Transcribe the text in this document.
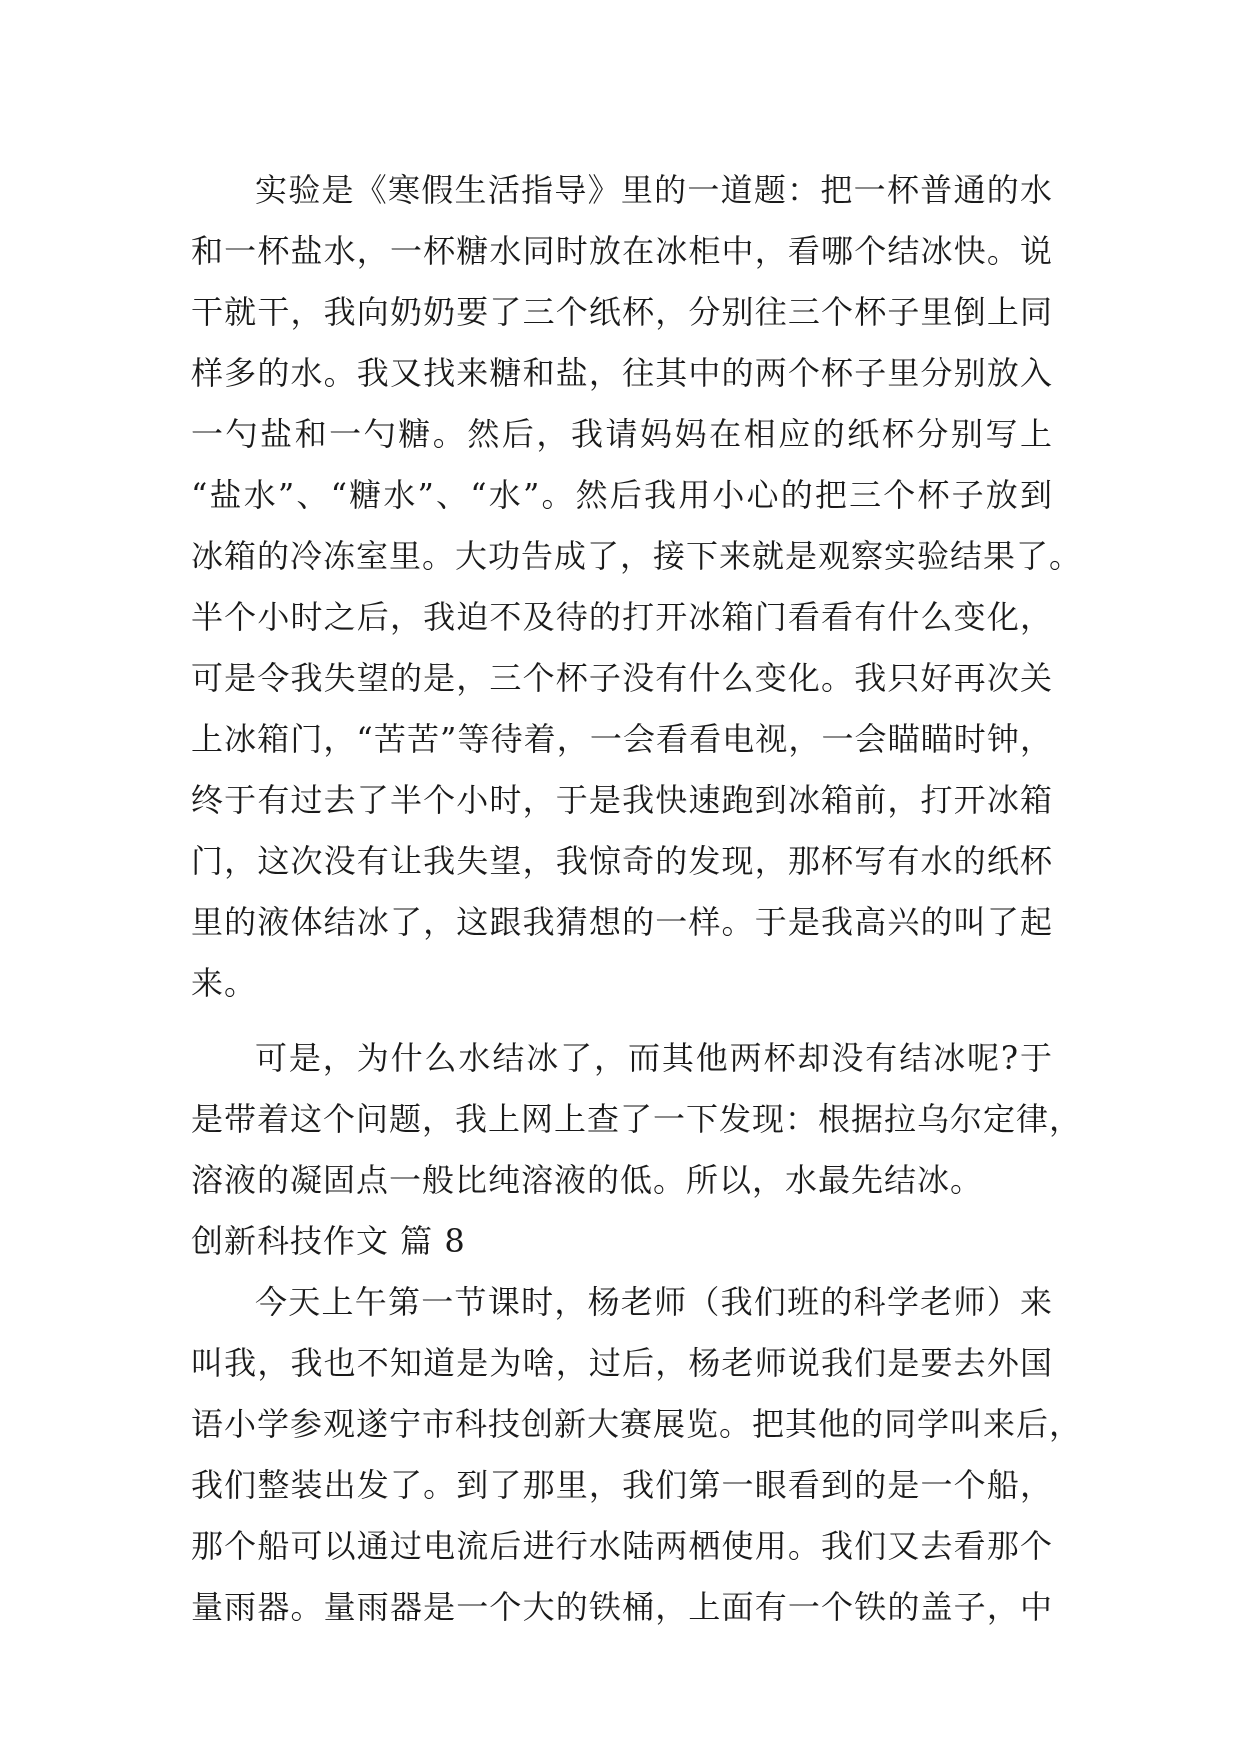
实验是《寒假生活指导》里的一道题：把一杯普通的水
和一杯盐水，一杯糖水同时放在冰柜中，看哪个结冰快。说
干就干，我向奶奶要了三个纸杯，分别往三个杯子里倒上同
样多的水。我又找来糖和盐，往其中的两个杯子里分别放入
一勺盐和一勺糖。然后，我请妈妈在相应的纸杯分别写上
“盐水”、“糖水”、“水”。然后我用小心的把三个杯子放到
冰箱的冷冻室里。大功告成了，接下来就是观察实验结果了。
半个小时之后，我迫不及待的打开冰箱门看看有什么变化，
可是令我失望的是，三个杯子没有什么变化。我只好再次关
上冰箱门，“苦苦”等待着，一会看看电视，一会瞄瞄时钟，
终于有过去了半个小时，于是我快速跑到冰箱前，打开冰箱
门，这次没有让我失望，我惊奇的发现，那杯写有水的纸杯
里的液体结冰了，这跟我猜想的一样。于是我高兴的叫了起
来。
可是，为什么水结冰了，而其他两杯却没有结冰呢?于
是带着这个问题，我上网上查了一下发现：根据拉乌尔定律，
溶液的凝固点一般比纯溶液的低。所以，水最先结冰。
创新科技作文 篇 8
今天上午第一节课时，杨老师（我们班的科学老师）来
叫我，我也不知道是为啥，过后，杨老师说我们是要去外国
语小学参观遂宁市科技创新大赛展览。把其他的同学叫来后，
我们整装出发了。到了那里，我们第一眼看到的是一个船，
那个船可以通过电流后进行水陆两栖使用。我们又去看那个
量雨器。量雨器是一个大的铁桶，上面有一个铁的盖子，中
